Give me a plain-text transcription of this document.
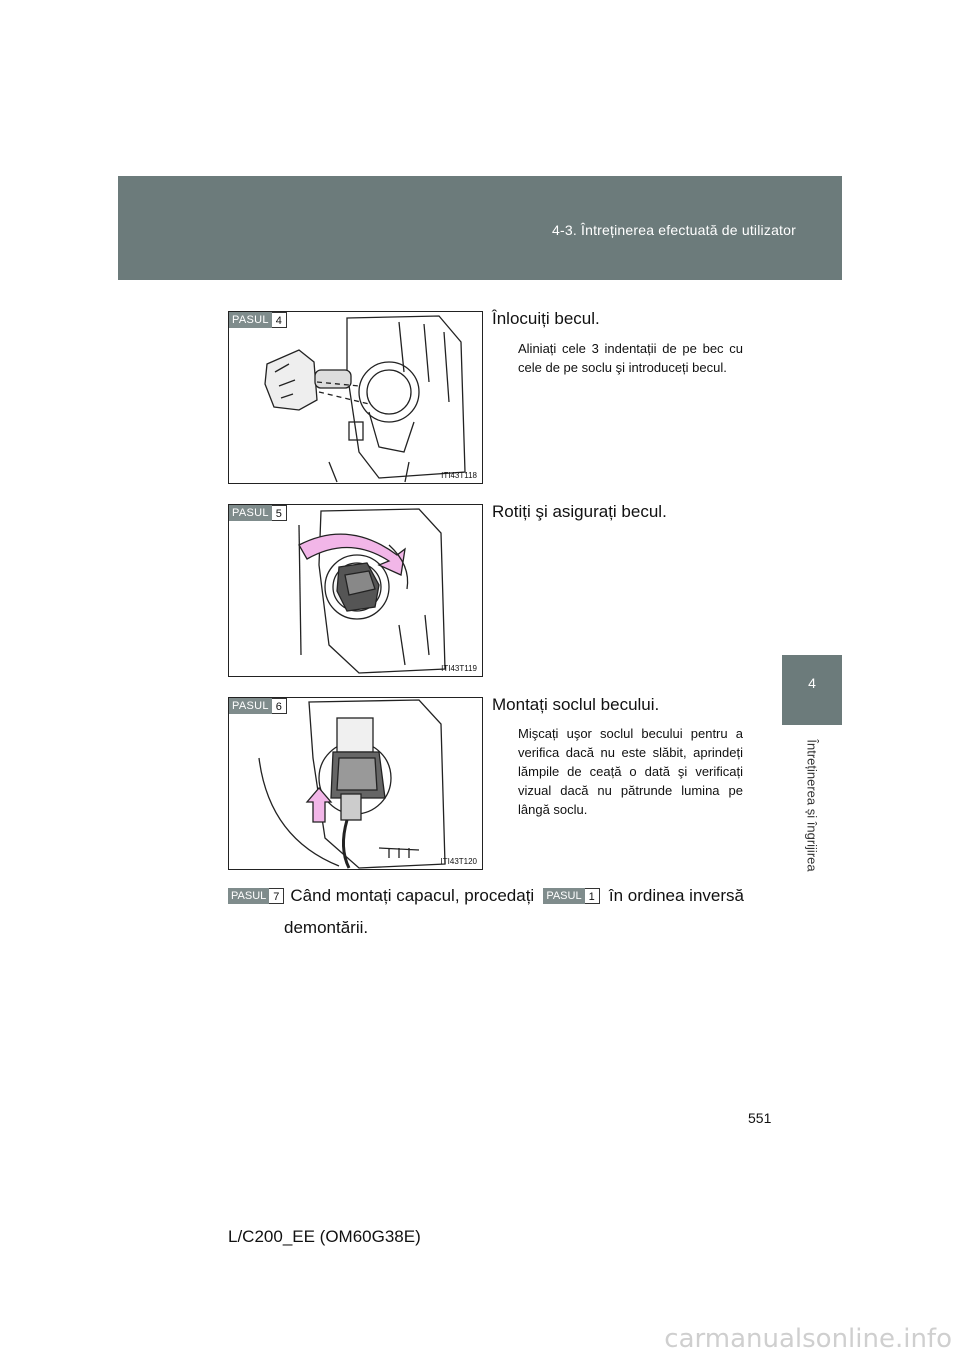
4-3. Întreținerea efectuată de utilizator
4
Întreținerea și îngrijirea
PASUL 4
ITI43T118
Înlocuiți becul.
Aliniați cele 3 indentații de pe bec cu cele de pe soclu şi introduceți becul.
PASUL 5
ITI43T119
Rotiți şi asigurați becul.
PASUL 6
ITI43T120
Montați soclul becului.
Mişcați uşor soclul becului pentru a verifica dacă nu este slăbit, aprindeți lămpile de ceață o dată şi verificați vizual dacă nu pătrunde lumina pe lângă soclu.
PASUL 7 Când montați capacul, procedați PASUL 1 în ordinea inversă
demontării.
551
L/C200_EE (OM60G38E)
carmanualsonline.info
